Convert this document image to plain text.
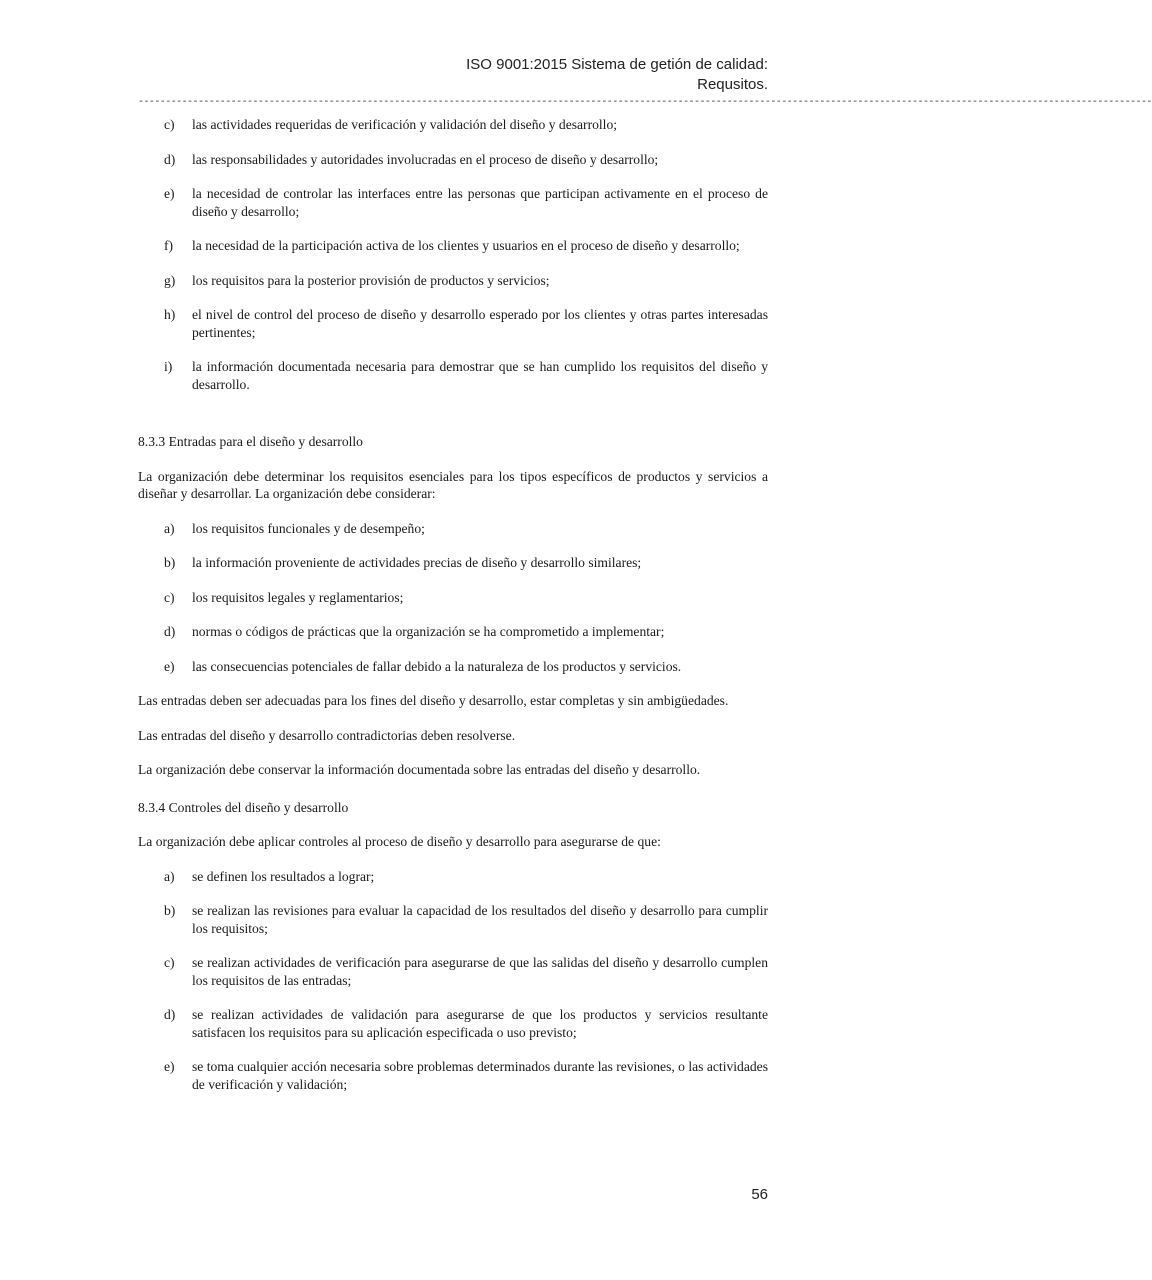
ISO 9001:2015 Sistema de getión de calidad:
Requsitos.
------------------------------------------------------------------------------------------------------------------------------------------------------------------------------------------
c)	las actividades requeridas de verificación y validación del diseño y desarrollo;
d)	las responsabilidades y autoridades involucradas en el proceso de diseño y desarrollo;
e)	la necesidad de controlar las interfaces entre las personas que participan activamente en el proceso de diseño y desarrollo;
f)	la necesidad de la participación activa de los clientes y usuarios en el proceso de diseño y desarrollo;
g)	los requisitos para la posterior provisión de productos y servicios;
h)	el nivel de control del proceso de diseño y desarrollo esperado por los clientes y otras partes interesadas pertinentes;
i)	la información documentada necesaria para demostrar que se han cumplido los requisitos del diseño y desarrollo.
8.3.3 Entradas para el diseño y desarrollo
La organización debe determinar los requisitos esenciales para los tipos específicos de productos y servicios a diseñar y desarrollar. La organización debe considerar:
a)	los requisitos funcionales y de desempeño;
b)	la información proveniente de actividades precias de diseño y desarrollo similares;
c)	los requisitos legales y reglamentarios;
d)	normas o códigos de prácticas que la organización se ha comprometido a implementar;
e)	las consecuencias potenciales de fallar debido a la naturaleza de los productos y servicios.
Las entradas deben ser adecuadas para los fines del diseño y desarrollo, estar completas y sin ambigüedades.
Las entradas del diseño y desarrollo contradictorias deben resolverse.
La organización debe conservar la información documentada sobre las entradas del diseño y desarrollo.
8.3.4 Controles del diseño y desarrollo
La organización debe aplicar controles al proceso de diseño y desarrollo para asegurarse de que:
a)	se definen los resultados a lograr;
b)	se realizan las revisiones para evaluar la capacidad de los resultados del diseño y desarrollo para cumplir los requisitos;
c)	se realizan actividades de verificación para asegurarse de que las salidas del diseño y desarrollo cumplen los requisitos de las entradas;
d)	se realizan actividades de validación para asegurarse de que los productos y servicios resultante satisfacen los requisitos para su aplicación especificada o uso previsto;
e)	se toma cualquier acción necesaria sobre problemas determinados durante las revisiones, o las actividades de verificación y validación;
56
